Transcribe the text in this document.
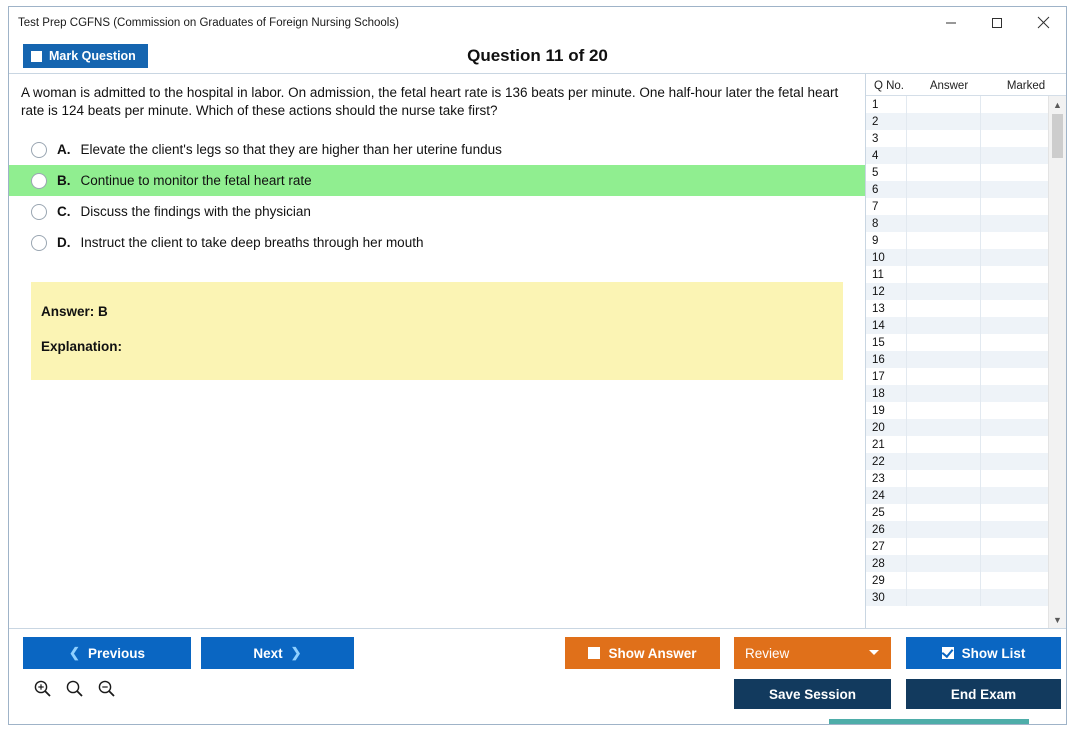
Test Prep CGFNS (Commission on Graduates of Foreign Nursing Schools)
Mark Question	Question 11 of 20
A woman is admitted to the hospital in labor. On admission, the fetal heart rate is 136 beats per minute. One half-hour later the fetal heart rate is 124 beats per minute. Which of these actions should the nurse take first?
A. Elevate the client's legs so that they are higher than her uterine fundus
B. Continue to monitor the fetal heart rate
C. Discuss the findings with the physician
D. Instruct the client to take deep breaths through her mouth
Answer: B
Explanation:
Q No.	Answer	Marked
1
2
3
4
5
6
7
8
9
10
11
12
13
14
15
16
17
18
19
20
21
22
23
24
25
26
27
28
29
30
▲
▼
❮ Previous	Next ❯	Show Answer	Review	Show List
Save Session	End Exam
